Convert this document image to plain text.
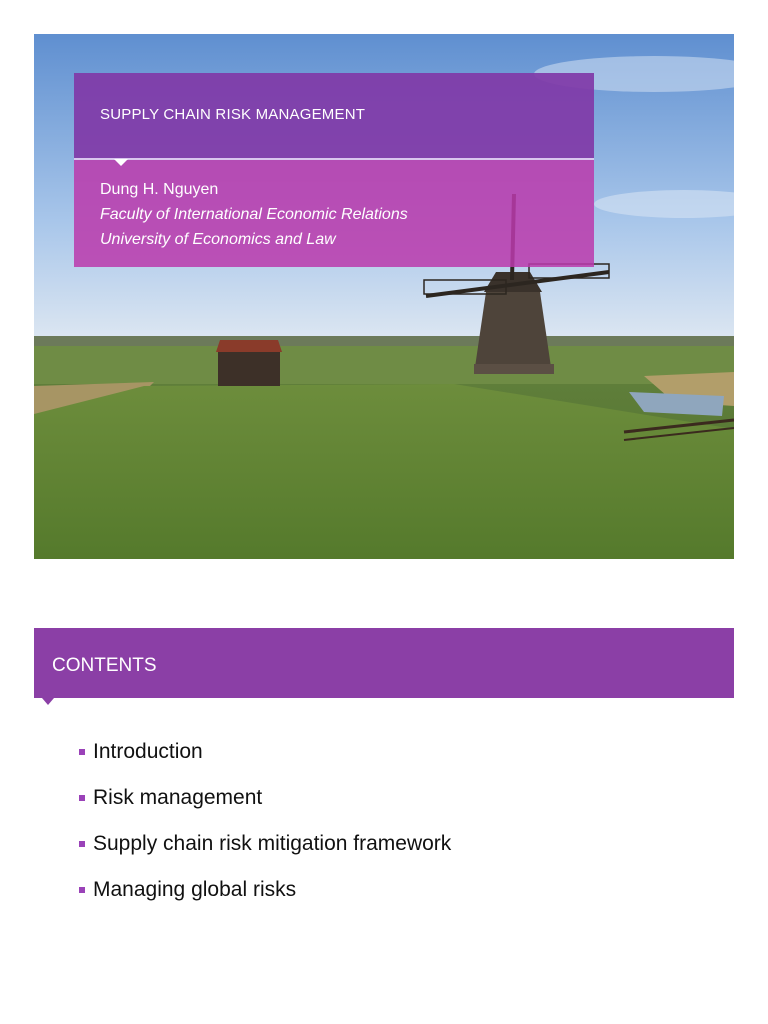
SUPPLY CHAIN RISK MANAGEMENT
Dung H. Nguyen
Faculty of International Economic Relations
University of Economics and Law
CONTENTS
Introduction
Risk management
Supply chain risk mitigation framework
Managing global risks
